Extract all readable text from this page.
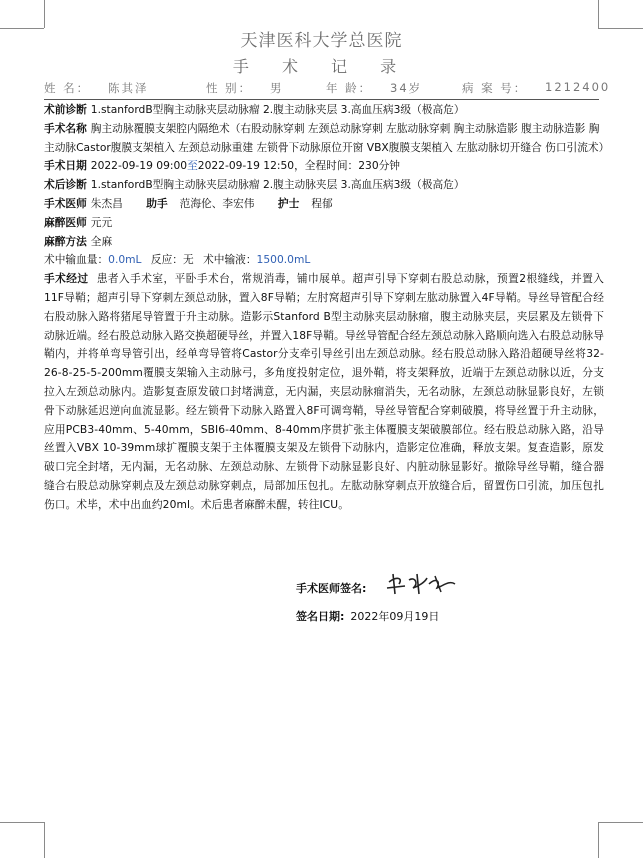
天津医科大学总医院
手 术 记 录
姓 名： 陈其泽	性 别： 男	年 龄： 34岁	病 案 号： 1212400

术前诊断 1.stanfordB型胸主动脉夹层动脉瘤 2.腹主动脉夹层 3.高血压病3级（极高危）

手术名称 胸主动脉覆膜支架腔内隔绝术（右股动脉穿刺 左颈总动脉穿刺 左肱动脉穿刺 胸主动脉造影 腹主动脉造影 胸主动脉Castor腹膜支架植入 左颈总动脉重建 左锁骨下动脉原位开窗 VBX腹膜支架植入 左肱动脉切开缝合 伤口引流术）

手术日期 2022-09-19 09:00至2022-09-19 12:50，全程时间：230分钟

术后诊断 1.stanfordB型胸主动脉夹层动脉瘤 2.腹主动脉夹层 3.高血压病3级（极高危）

手术医师 朱杰昌 助手 范海伦、李宏伟 护士 程郁

麻醉医师 元元

麻醉方法 全麻

术中输血量：0.0mL 反应：无 术中输液：1500.0mL

手术经过 患者入手术室，平卧手术台，常规消毒，铺巾展单。超声引导下穿刺右股总动脉，预置2根缝线，并置入11F导鞘；超声引导下穿刺左颈总动脉，置入8F导鞘；左肘窝超声引导下穿刺左肱动脉置入4F导鞘。导丝导管配合经右股动脉入路将猪尾导管置于升主动脉。造影示Stanford B型主动脉夹层动脉瘤，腹主动脉夹层，夹层累及左锁骨下动脉近端。经右股总动脉入路交换超硬导丝，并置入18F导鞘。导丝导管配合经左颈总动脉入路顺向选入右股总动脉导鞘内，并将单弯导管引出，经单弯导管将Castor分支牵引导丝引出左颈总动脉。经右股总动脉入路沿超硬导丝将32-26-8-25-5-200mm覆膜支架输入主动脉弓，多角度投射定位，退外鞘，将支架释放，近端于左颈总动脉以近，分支拉入左颈总动脉内。造影复查原发破口封堵满意，无内漏，夹层动脉瘤消失，无名动脉，左颈总动脉显影良好，左锁骨下动脉延迟逆向血流显影。经左锁骨下动脉入路置入8F可调弯鞘，导丝导管配合穿刺破膜，将导丝置于升主动脉，应用PCB3-40mm、5-40mm，SBI6-40mm、8-40mm序贯扩张主体覆膜支架破膜部位。经右股总动脉入路，沿导丝置入VBX 10-39mm球扩覆膜支架于主体覆膜支架及左锁骨下动脉内，造影定位准确，释放支架。复查造影，原发破口完全封堵，无内漏，无名动脉、左颈总动脉、左锁骨下动脉显影良好、内脏动脉显影好。撤除导丝导鞘，缝合器缝合右股总动脉穿刺点及左颈总动脉穿刺点，局部加压包扎。左肱动脉穿刺点开放缝合后，留置伤口引流，加压包扎伤口。术毕，术中出血约20ml。术后患者麻醉未醒，转往ICU。

手术医师签名:
签名日期: 2022年09月19日
